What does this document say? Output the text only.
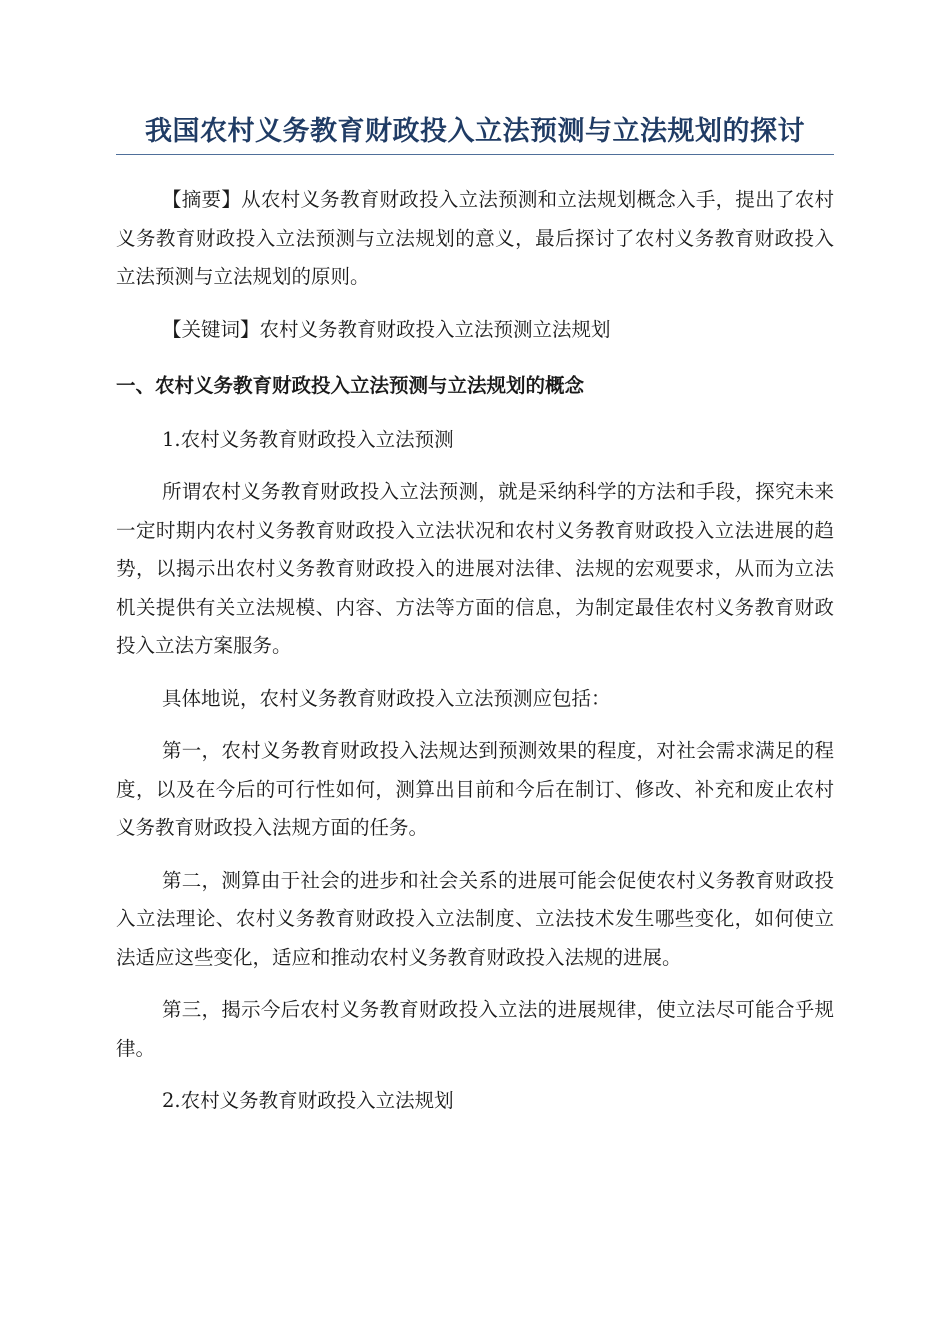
我国农村义务教育财政投入立法预测与立法规划的探讨

【摘要】从农村义务教育财政投入立法预测和立法规划概念入手，提出了农村义务教育财政投入立法预测与立法规划的意义，最后探讨了农村义务教育财政投入立法预测与立法规划的原则。

【关键词】农村义务教育财政投入立法预测立法规划

一、农村义务教育财政投入立法预测与立法规划的概念

1.农村义务教育财政投入立法预测

所谓农村义务教育财政投入立法预测，就是采纳科学的方法和手段，探究未来一定时期内农村义务教育财政投入立法状况和农村义务教育财政投入立法进展的趋势，以揭示出农村义务教育财政投入的进展对法律、法规的宏观要求，从而为立法机关提供有关立法规模、内容、方法等方面的信息，为制定最佳农村义务教育财政投入立法方案服务。

具体地说，农村义务教育财政投入立法预测应包括：

第一，农村义务教育财政投入法规达到预测效果的程度，对社会需求满足的程度，以及在今后的可行性如何，测算出目前和今后在制订、修改、补充和废止农村义务教育财政投入法规方面的任务。

第二，测算由于社会的进步和社会关系的进展可能会促使农村义务教育财政投入立法理论、农村义务教育财政投入立法制度、立法技术发生哪些变化，如何使立法适应这些变化，适应和推动农村义务教育财政投入法规的进展。

第三，揭示今后农村义务教育财政投入立法的进展规律，使立法尽可能合乎规律。

2.农村义务教育财政投入立法规划
